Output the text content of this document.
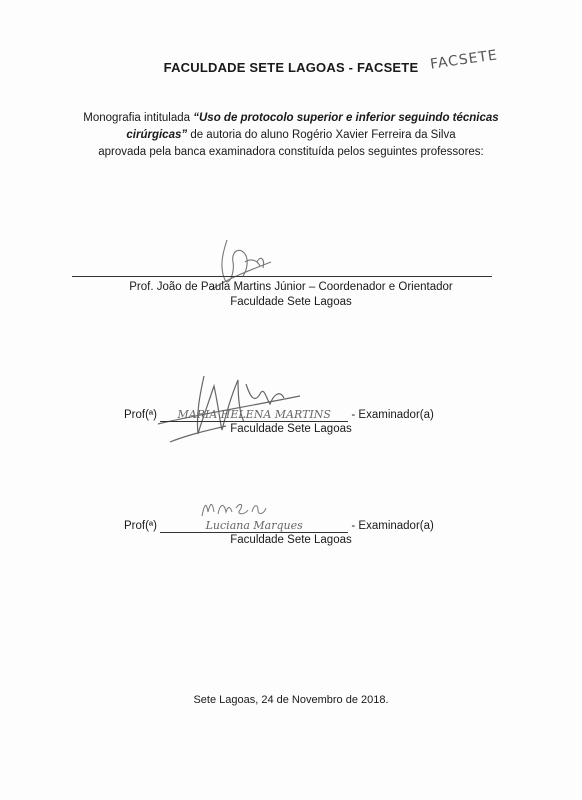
FACULDADE SETE LAGOAS - FACSETE FACSETE
Monografia intitulada “Uso de protocolo superior e inferior seguindo técnicas cirúrgicas” de autoria do aluno Rogério Xavier Ferreira da Silva
aprovada pela banca examinadora constituída pelos seguintes professores:
Prof. João de Paula Martins Júnior – Coordenador e Orientador
Faculdade Sete Lagoas
Prof(ª) MARIA HELENA MARTINS - Examinador(a)
Faculdade Sete Lagoas
Prof(ª)	Luciana Marques	- Examinador(a)
Faculdade Sete Lagoas
Sete Lagoas, 24 de Novembro de 2018.
